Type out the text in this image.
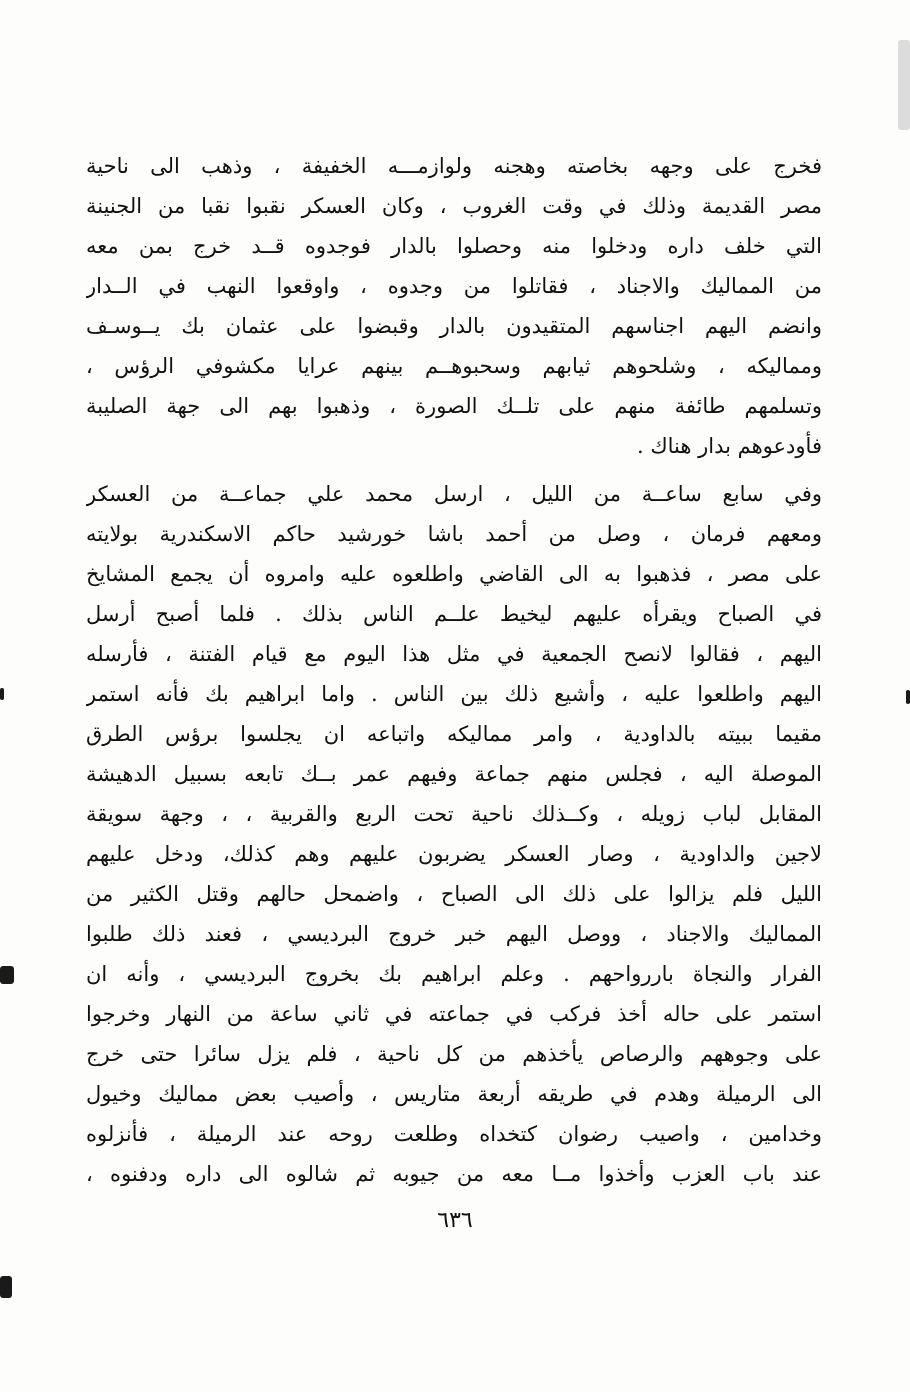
فخرج على وجهه بخاصته وهجنه ولوازمـــه الخفيفة ، وذهب الى ناحية
مصر القديمة وذلك في وقت الغروب ، وكان العسكر نقبوا نقبا من الجنينة
التي خلف داره ودخلوا منه وحصلوا بالدار فوجدوه قــد خرج بمن معه
من المماليك والاجناد ، فقاتلوا من وجدوه ، واوقعوا النهب في الــدار
وانضم اليهم اجناسهم المتقيدون بالدار وقبضوا على عثمان بك يــوسـف
ومماليكه ، وشلحوهم ثيابهم وسحبوهــم بينهم عرايا مكشوفي الرؤس ،
وتسلمهم طائفة منهم على تلــك الصورة ، وذهبوا بهم الى جهة الصليبة
فأودعوهم بدار هناك .
وفي سابع ساعــة من الليل ، ارسل محمد علي جماعــة من العسكر
ومعهم فرمان ، وصل من أحمد باشا خورشيد حاكم الاسكندرية بولايته
على مصر ، فذهبوا به الى القاضي واطلعوه عليه وامروه أن يجمع المشايخ
في الصباح ويقرأه عليهم ليخيط علــم الناس بذلك . فلما أصبح أرسل
اليهم ، فقالوا لانصح الجمعية في مثل هذا اليوم مع قيام الفتنة ، فأرسله
اليهم واطلعوا عليه ، وأشيع ذلك بين الناس . واما ابراهيم بك فأنه استمر
مقيما ببيته بالداودية ، وامر مماليكه واتباعه ان يجلسوا برؤس الطرق
الموصلة اليه ، فجلس منهم جماعة وفيهم عمر بــك تابعه بسبيل الدهيشة
المقابل لباب زويله ، وكــذلك ناحية تحت الربع والقربية ، ، وجهة سويقة
لاجين والداودية ، وصار العسكر يضربون عليهم وهم كذلك، ودخل عليهم
الليل فلم يزالوا على ذلك الى الصباح ، واضمحل حالهم وقتل الكثير من
المماليك والاجناد ، ووصل اليهم خبر خروج البرديسي ، فعند ذلك طلبوا
الفرار والنجاة باررواحهم . وعلم ابراهيم بك بخروج البرديسي ، وأنه ان
استمر على حاله أخذ فركب في جماعته في ثاني ساعة من النهار وخرجوا
على وجوههم والرصاص يأخذهم من كل ناحية ، فلم يزل سائرا حتى خرج
الى الرميلة وهدم في طريقه أربعة متاريس ، وأصيب بعض مماليك وخيول
وخدامين ، واصيب رضوان كتخداه وطلعت روحه عند الرميلة ، فأنزلوه
عند باب العزب وأخذوا مــا معه من جيوبه ثم شالوه الى داره ودفنوه ،
٦٣٦
